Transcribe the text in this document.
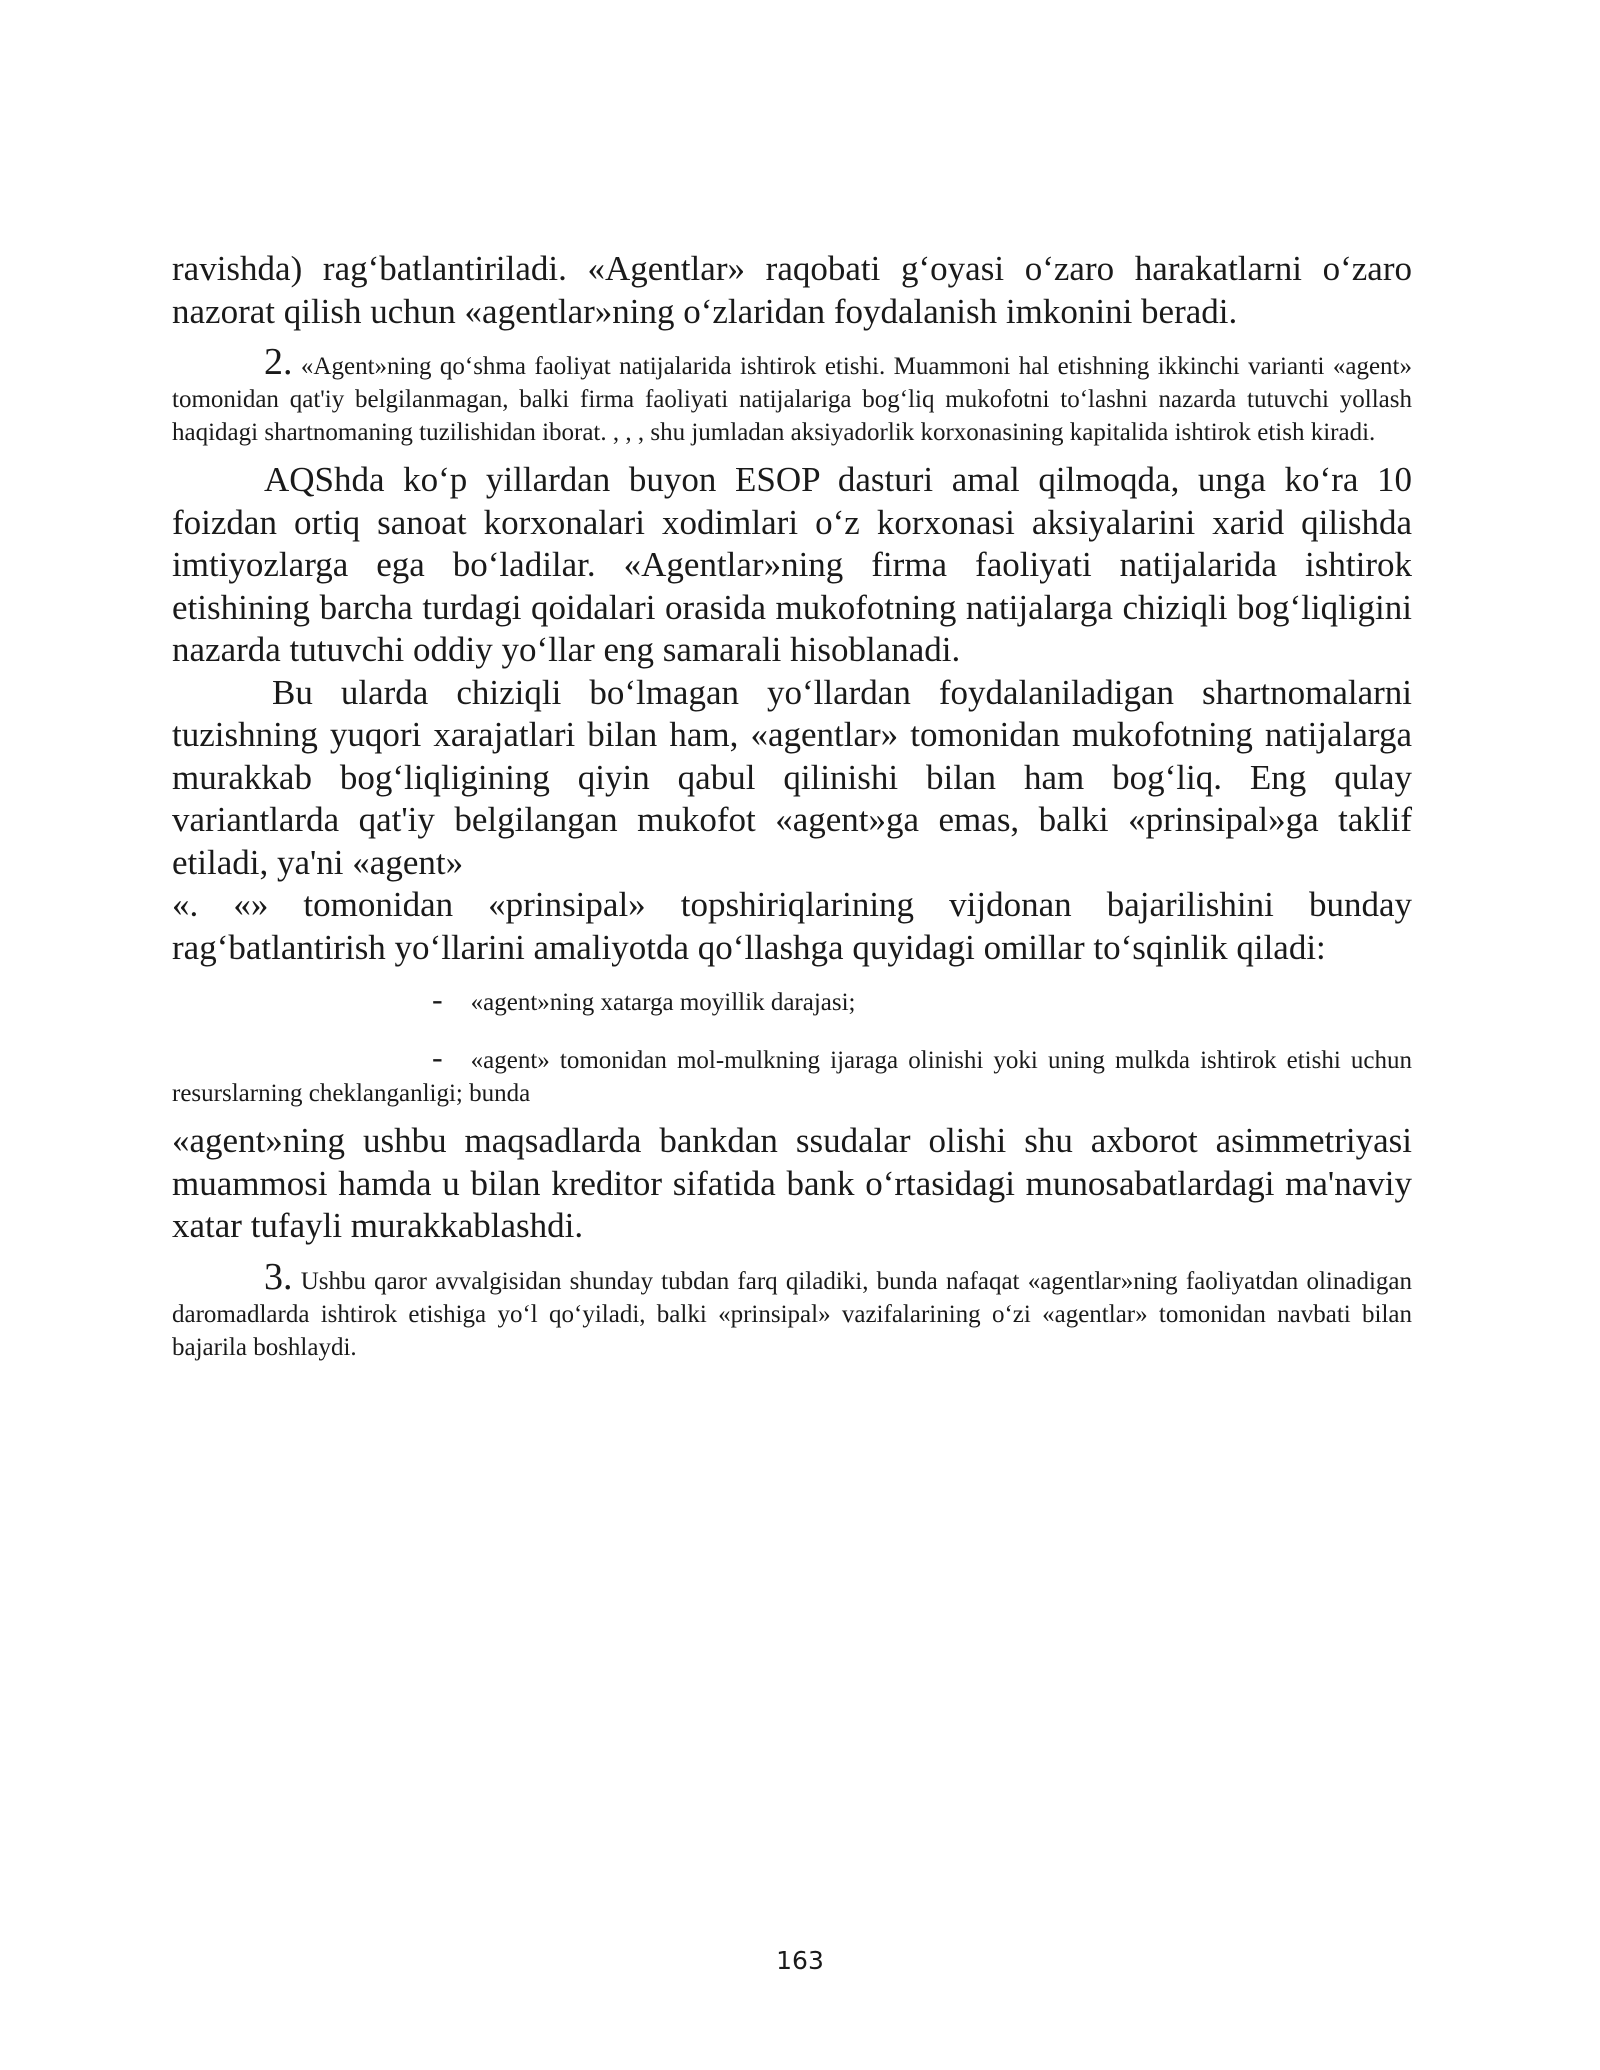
ravishda) rag‘batlantiriladi. «Agentlar» raqobati g‘oyasi o‘zaro harakatlarni o‘zaro nazorat qilish uchun «agentlar»ning o‘zlaridan foydalanish imkonini beradi.

2. «Agent»ning qo‘shma faoliyat natijalarida ishtirok etishi. Muammoni hal etishning ikkinchi varianti «agent» tomonidan qat'iy belgilanmagan, balki firma faoliyati natijalariga bog‘liq mukofotni to‘lashni nazarda tutuvchi yollash haqidagi shartnomaning tuzilishidan iborat. , , , shu jumladan aksiyadorlik korxonasining kapitalida ishtirok etish kiradi.

AQShda ko‘p yillardan buyon ESOP dasturi amal qilmoqda, unga ko‘ra 10 foizdan ortiq sanoat korxonalari xodimlari o‘z korxonasi aksiyalarini xarid qilishda imtiyozlarga ega bo‘ladilar. «Agentlar»ning firma faoliyati natijalarida ishtirok etishining barcha turdagi qoidalari orasida mukofotning natijalarga chiziqli bog‘liqligini nazarda tutuvchi oddiy yo‘llar eng samarali hisoblanadi.

Bu ularda chiziqli bo‘lmagan yo‘llardan foydalaniladigan shartnomalarni tuzishning yuqori xarajatlari bilan ham, «agentlar» tomonidan mukofotning natijalarga murakkab bog‘liqligining qiyin qabul qilinishi bilan ham bog‘liq. Eng qulay variantlarda qat'iy belgilangan mukofot «agent»ga emas, balki «prinsipal»ga taklif etiladi, ya'ni «agent»

«. «» tomonidan «prinsipal» topshiriqlarining vijdonan bajarilishini bunday rag‘batlantirish yo‘llarini amaliyotda qo‘llashga quyidagi omillar to‘sqinlik qiladi:

- «agent»ning xatarga moyillik darajasi;

- «agent» tomonidan mol-mulkning ijaraga olinishi yoki uning mulkda ishtirok etishi uchun resurslarning cheklanganligi; bunda

«agent»ning ushbu maqsadlarda bankdan ssudalar olishi shu axborot asimmetriyasi muammosi hamda u bilan kreditor sifatida bank o‘rtasidagi munosabatlardagi ma'naviy xatar tufayli murakkablashdi.

3. Ushbu qaror avvalgisidan shunday tubdan farq qiladiki, bunda nafaqat «agentlar»ning faoliyatdan olinadigan daromadlarda ishtirok etishiga yo‘l qo‘yiladi, balki «prinsipal» vazifalarining o‘zi «agentlar» tomonidan navbati bilan bajarila boshlaydi.

163
